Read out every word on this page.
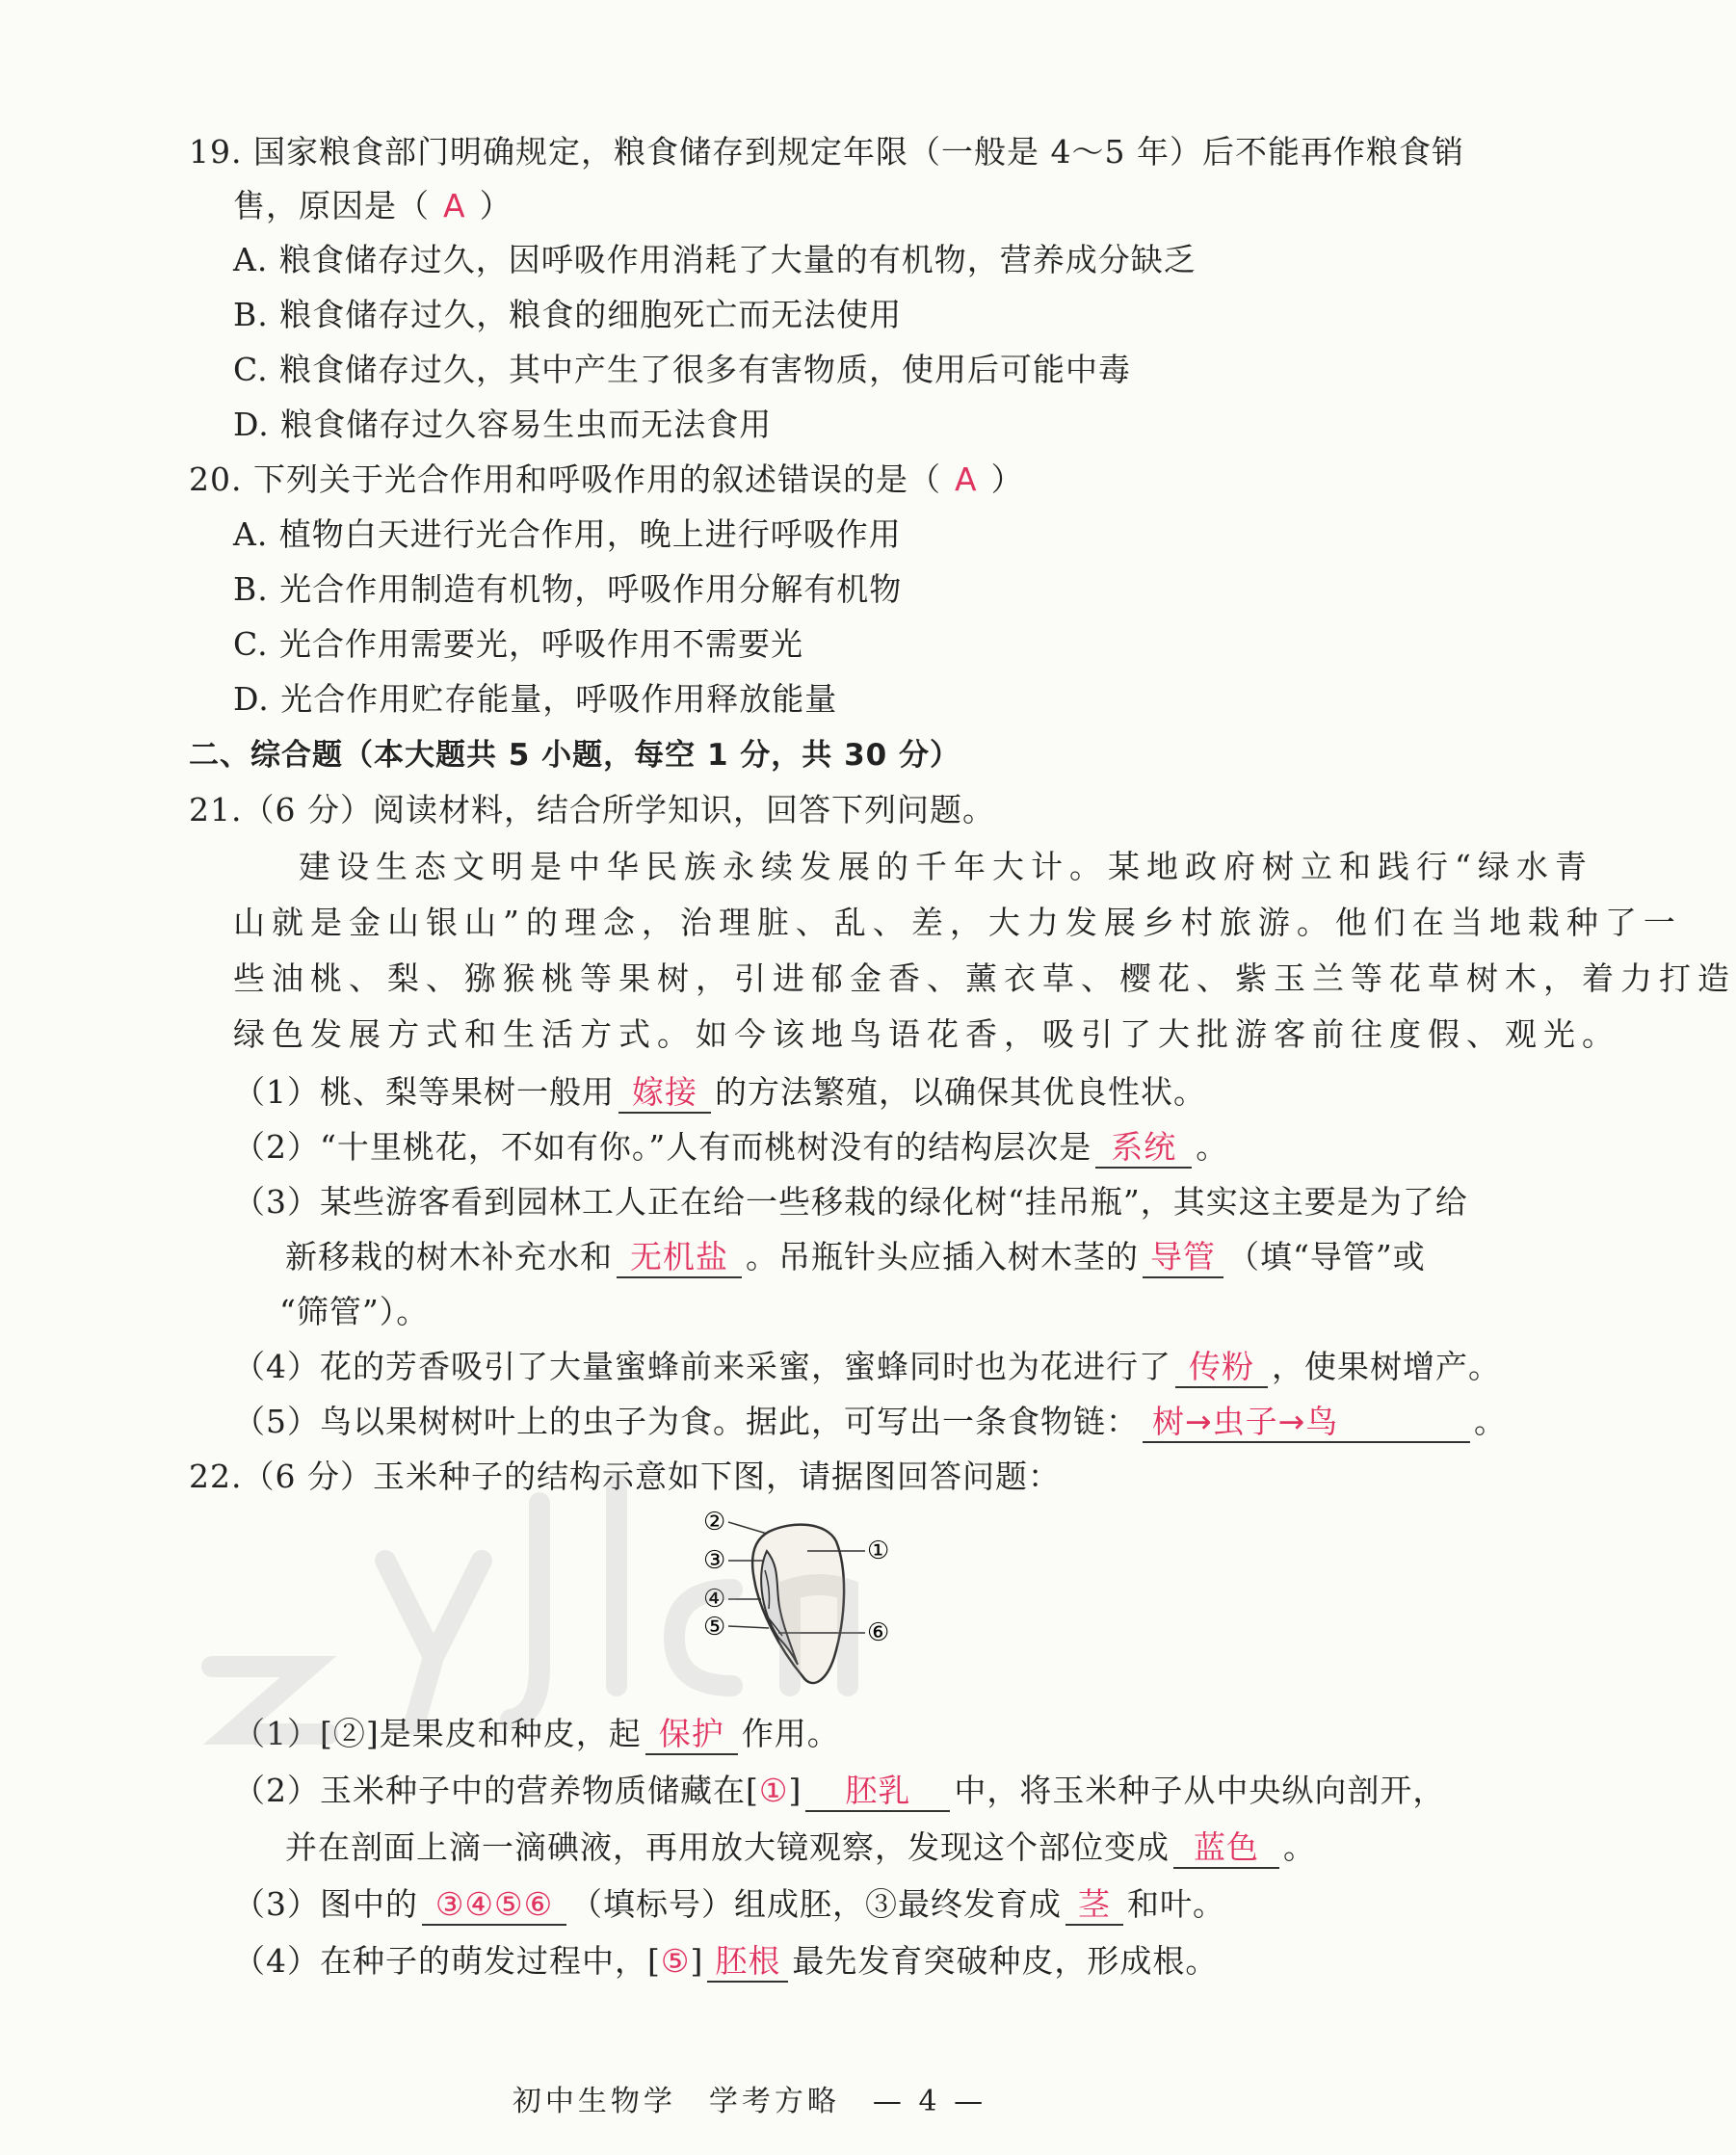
19. 国家粮食部门明确规定，粮食储存到规定年限（一般是 4～5 年）后不能再作粮食销
售，原因是（ A ）
A. 粮食储存过久，因呼吸作用消耗了大量的有机物，营养成分缺乏
B. 粮食储存过久，粮食的细胞死亡而无法使用
C. 粮食储存过久，其中产生了很多有害物质，使用后可能中毒
D. 粮食储存过久容易生虫而无法食用
20. 下列关于光合作用和呼吸作用的叙述错误的是（ A ）
A. 植物白天进行光合作用，晚上进行呼吸作用
B. 光合作用制造有机物，呼吸作用分解有机物
C. 光合作用需要光，呼吸作用不需要光
D. 光合作用贮存能量，呼吸作用释放能量
二、综合题（本大题共 5 小题，每空 1 分，共 30 分）
21.（6 分）阅读材料，结合所学知识，回答下列问题。
建设生态文明是中华民族永续发展的千年大计。某地政府树立和践行“绿水青
山就是金山银山”的理念，治理脏、乱、差，大力发展乡村旅游。他们在当地栽种了一
些油桃、梨、猕猴桃等果树，引进郁金香、薰衣草、樱花、紫玉兰等花草树木，着力打造
绿色发展方式和生活方式。如今该地鸟语花香，吸引了大批游客前往度假、观光。
（1）桃、梨等果树一般用 嫁接 的方法繁殖，以确保其优良性状。
（2）“十里桃花，不如有你。”人有而桃树没有的结构层次是 系统 。
（3）某些游客看到园林工人正在给一些移栽的绿化树“挂吊瓶”，其实这主要是为了给
新移栽的树木补充水和 无机盐 。吊瓶针头应插入树木茎的 导管 （填“导管”或
“筛管”）。
（4）花的芳香吸引了大量蜜蜂前来采蜜，蜜蜂同时也为花进行了 传粉 ，使果树增产。
（5）鸟以果树树叶上的虫子为食。据此，可写出一条食物链： 树→虫子→鸟	。
22.（6 分）玉米种子的结构示意如下图，请据图回答问题：
②
③
④
⑤
①
⑥
（1）[②]是果皮和种皮，起 保护 作用。
（2）玉米种子中的营养物质储藏在[①] 胚乳 中，将玉米种子从中央纵向剖开，
并在剖面上滴一滴碘液，再用放大镜观察，发现这个部位变成 蓝色 。
（3）图中的 ③④⑤⑥ （填标号）组成胚，③最终发育成 茎 和叶。
（4）在种子的萌发过程中，[⑤] 胚根 最先发育突破种皮，形成根。
初中生物学　学考方略　— 4 —
